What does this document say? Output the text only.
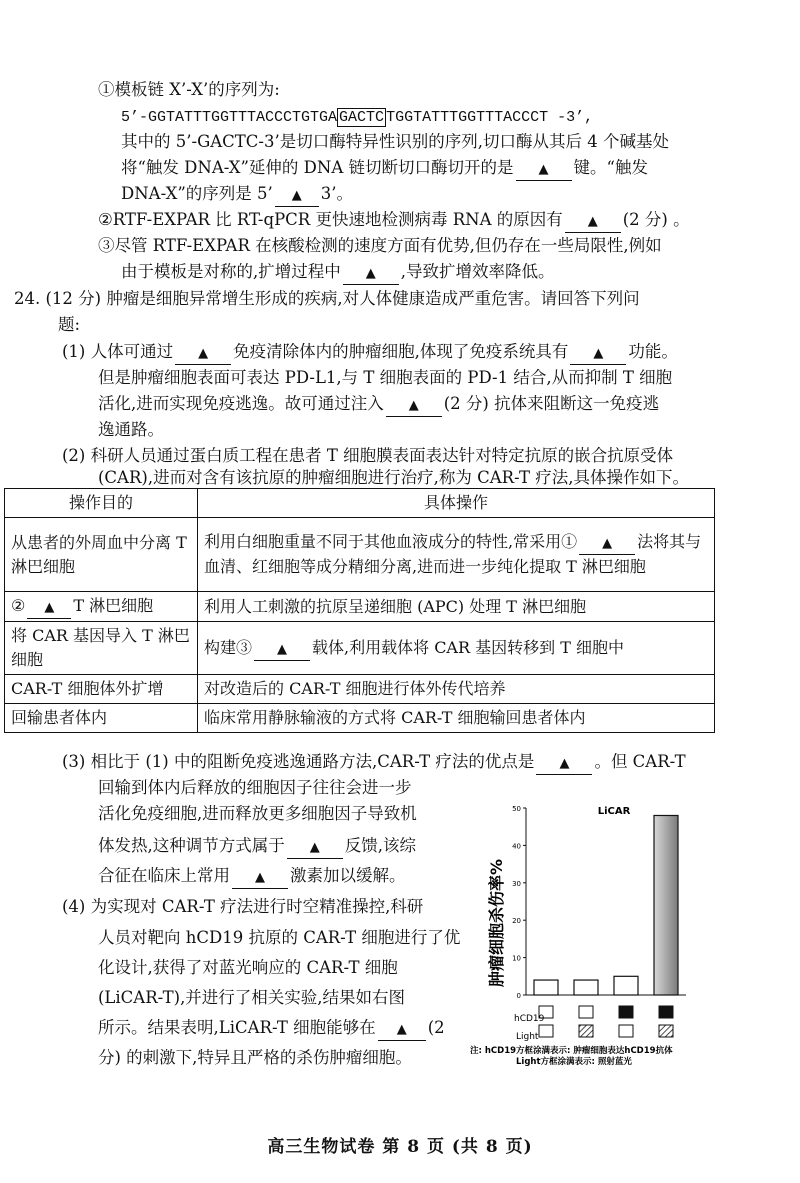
①模板链 X’-X’的序列为:
5’-GGTATTTGGTTTACCCTGTGA GACTC TGGTATTTGGTTTACCCT -3’,
其中的 5’-GACTC-3’是切口酶特异性识别的序列,切口酶从其后 4 个碱基处
将“触发 DNA-X”延伸的 DNA 链切断切口酶切开的是 ▲ 键。“触发
DNA-X”的序列是 5’ ▲ 3’。
②RTF-EXPAR 比 RT-qPCR 更快速地检测病毒 RNA 的原因有 ▲ (2 分) 。
③尽管 RTF-EXPAR 在核酸检测的速度方面有优势,但仍存在一些局限性,例如
由于模板是对称的,扩增过程中 ▲ ,导致扩增效率降低。
24. (12 分) 肿瘤是细胞异常增生形成的疾病,对人体健康造成严重危害。请回答下列问
题:
(1) 人体可通过 ▲ 免疫清除体内的肿瘤细胞,体现了免疫系统具有 ▲ 功能。
但是肿瘤细胞表面可表达 PD-L1,与 T 细胞表面的 PD-1 结合,从而抑制 T 细胞
活化,进而实现免疫逃逸。故可通过注入 ▲ (2 分) 抗体来阻断这一免疫逃
逸通路。
(2) 科研人员通过蛋白质工程在患者 T 细胞膜表面表达针对特定抗原的嵌合抗原受体
(CAR),进而对含有该抗原的肿瘤细胞进行治疗,称为 CAR-T 疗法,具体操作如下。
操作目的	具体操作
从患者的外周血中分离 T 淋巴细胞	利用白细胞重量不同于其他血液成分的特性,常采用① ▲ 法将其与血清、红细胞等成分精细分离,进而进一步纯化提取 T 淋巴细胞
② ▲ T 淋巴细胞	利用人工刺激的抗原呈递细胞 (APC) 处理 T 淋巴细胞
将 CAR 基因导入 T 淋巴细胞	构建③ ▲ 载体,利用载体将 CAR 基因转移到 T 细胞中
CAR-T 细胞体外扩增	对改造后的 CAR-T 细胞进行体外传代培养
回输患者体内	临床常用静脉输液的方式将 CAR-T 细胞输回患者体内
(3) 相比于 (1) 中的阻断免疫逃逸通路方法,CAR-T 疗法的优点是 ▲ 。但 CAR-T
回输到体内后释放的细胞因子往往会进一步
活化免疫细胞,进而释放更多细胞因子导致机
体发热,这种调节方式属于 ▲ 反馈,该综
合征在临床上常用 ▲ 激素加以缓解。
(4) 为实现对 CAR-T 疗法进行时空精准操控,科研
人员对靶向 hCD19 抗原的 CAR-T 细胞进行了优
化设计,获得了对蓝光响应的 CAR-T 细胞
(LiCAR-T),并进行了相关实验,结果如右图
所示。结果表明,LiCAR-T 细胞能够在 ▲ (2
分) 的刺激下,特异且严格的杀伤肿瘤细胞。
LiCAR
肿瘤细胞杀伤率%
0
10
20
30
40
50
hCD19
Light
注: hCD19方框涂满表示: 肿瘤细胞表达hCD19抗体
Light方框涂满表示: 照射蓝光
高三生物试卷 第 8 页 (共 8 页)
